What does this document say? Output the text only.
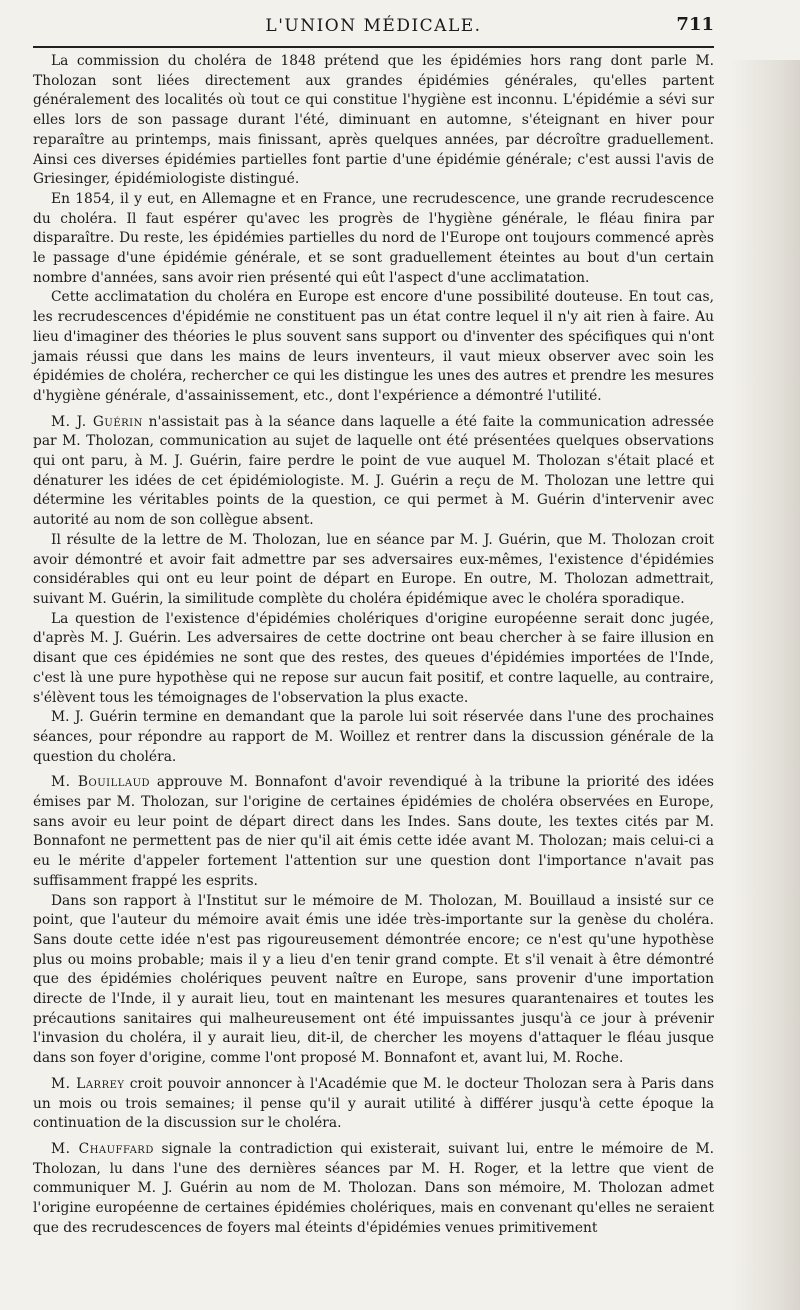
L'UNION MÉDICALE.	711

La commission du choléra de 1848 prétend que les épidémies hors rang dont parle M. Tholozan sont liées directement aux grandes épidémies générales, qu'elles partent généralement des localités où tout ce qui constitue l'hygiène est inconnu. L'épidémie a sévi sur elles lors de son passage durant l'été, diminuant en automne, s'éteignant en hiver pour reparaître au printemps, mais finissant, après quelques années, par décroître graduellement. Ainsi ces diverses épidémies partielles font partie d'une épidémie générale; c'est aussi l'avis de Griesinger, épidémiologiste distingué.

En 1854, il y eut, en Allemagne et en France, une recrudescence, une grande recrudescence du choléra. Il faut espérer qu'avec les progrès de l'hygiène générale, le fléau finira par disparaître. Du reste, les épidémies partielles du nord de l'Europe ont toujours commencé après le passage d'une épidémie générale, et se sont graduellement éteintes au bout d'un certain nombre d'années, sans avoir rien présenté qui eût l'aspect d'une acclimatation.

Cette acclimatation du choléra en Europe est encore d'une possibilité douteuse. En tout cas, les recrudescences d'épidémie ne constituent pas un état contre lequel il n'y ait rien à faire. Au lieu d'imaginer des théories le plus souvent sans support ou d'inventer des spécifiques qui n'ont jamais réussi que dans les mains de leurs inventeurs, il vaut mieux observer avec soin les épidémies de choléra, rechercher ce qui les distingue les unes des autres et prendre les mesures d'hygiène générale, d'assainissement, etc., dont l'expérience a démontré l'utilité.

M. J. Guérin n'assistait pas à la séance dans laquelle a été faite la communication adressée par M. Tholozan, communication au sujet de laquelle ont été présentées quelques observations qui ont paru, à M. J. Guérin, faire perdre le point de vue auquel M. Tholozan s'était placé et dénaturer les idées de cet épidémiologiste. M. J. Guérin a reçu de M. Tholozan une lettre qui détermine les véritables points de la question, ce qui permet à M. Guérin d'intervenir avec autorité au nom de son collègue absent.

Il résulte de la lettre de M. Tholozan, lue en séance par M. J. Guérin, que M. Tholozan croit avoir démontré et avoir fait admettre par ses adversaires eux-mêmes, l'existence d'épidémies considérables qui ont eu leur point de départ en Europe. En outre, M. Tholozan admettrait, suivant M. Guérin, la similitude complète du choléra épidémique avec le choléra sporadique.

La question de l'existence d'épidémies cholériques d'origine européenne serait donc jugée, d'après M. J. Guérin. Les adversaires de cette doctrine ont beau chercher à se faire illusion en disant que ces épidémies ne sont que des restes, des queues d'épidémies importées de l'Inde, c'est là une pure hypothèse qui ne repose sur aucun fait positif, et contre laquelle, au contraire, s'élèvent tous les témoignages de l'observation la plus exacte.

M. J. Guérin termine en demandant que la parole lui soit réservée dans l'une des prochaines séances, pour répondre au rapport de M. Woillez et rentrer dans la discussion générale de la question du choléra.

M. Bouillaud approuve M. Bonnafont d'avoir revendiqué à la tribune la priorité des idées émises par M. Tholozan, sur l'origine de certaines épidémies de choléra observées en Europe, sans avoir eu leur point de départ direct dans les Indes. Sans doute, les textes cités par M. Bonnafont ne permettent pas de nier qu'il ait émis cette idée avant M. Tholozan; mais celui-ci a eu le mérite d'appeler fortement l'attention sur une question dont l'importance n'avait pas suffisamment frappé les esprits.

Dans son rapport à l'Institut sur le mémoire de M. Tholozan, M. Bouillaud a insisté sur ce point, que l'auteur du mémoire avait émis une idée très-importante sur la genèse du choléra. Sans doute cette idée n'est pas rigoureusement démontrée encore; ce n'est qu'une hypothèse plus ou moins probable; mais il y a lieu d'en tenir grand compte. Et s'il venait à être démontré que des épidémies cholériques peuvent naître en Europe, sans provenir d'une importation directe de l'Inde, il y aurait lieu, tout en maintenant les mesures quarantenaires et toutes les précautions sanitaires qui malheureusement ont été impuissantes jusqu'à ce jour à prévenir l'invasion du choléra, il y aurait lieu, dit-il, de chercher les moyens d'attaquer le fléau jusque dans son foyer d'origine, comme l'ont proposé M. Bonnafont et, avant lui, M. Roche.

M. Larrey croit pouvoir annoncer à l'Académie que M. le docteur Tholozan sera à Paris dans un mois ou trois semaines; il pense qu'il y aurait utilité à différer jusqu'à cette époque la continuation de la discussion sur le choléra.

M. Chauffard signale la contradiction qui existerait, suivant lui, entre le mémoire de M. Tholozan, lu dans l'une des dernières séances par M. H. Roger, et la lettre que vient de communiquer M. J. Guérin au nom de M. Tholozan. Dans son mémoire, M. Tholozan admet l'origine européenne de certaines épidémies cholériques, mais en convenant qu'elles ne seraient que des recrudescences de foyers mal éteints d'épidémies venues primitivement
